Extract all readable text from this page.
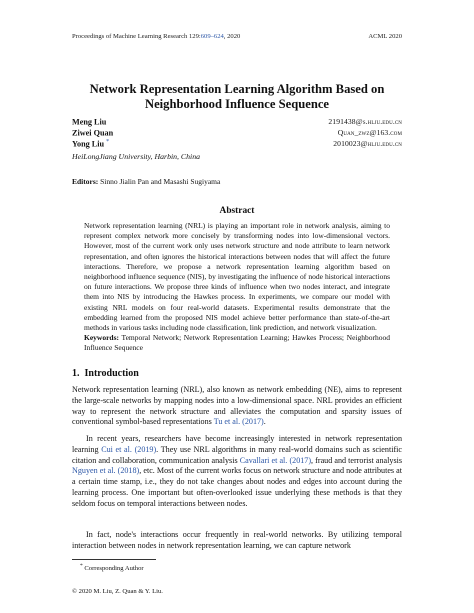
Proceedings of Machine Learning Research 129:609–624, 2020	ACML 2020
Network Representation Learning Algorithm Based on
Neighborhood Influence Sequence
Meng Liu	2191438@s.hlju.edu.cn
Ziwei Quan	Quan_zwz@163.com
Yong Liu *	2010023@hlju.edu.cn
HeiLongJiang University, Harbin, China
Editors: Sinno Jialin Pan and Masashi Sugiyama
Abstract
Network representation learning (NRL) is playing an important role in network analysis, aiming to represent complex network more concisely by transforming nodes into low-dimensional vectors. However, most of the current work only uses network structure and node attribute to learn network representation, and often ignores the historical interactions between nodes that will affect the future interactions. Therefore, we propose a network representation learning algorithm based on neighborhood influence sequence (NIS), by investigating the influence of node historical interactions on future interactions. We propose three kinds of influence when two nodes interact, and integrate them into NIS by introducing the Hawkes process. In experiments, we compare our model with existing NRL models on four real-world datasets. Experimental results demonstrate that the embedding learned from the proposed NIS model achieve better performance than state-of-the-art methods in various tasks including node classification, link prediction, and network visualization.
Keywords: Temporal Network; Network Representation Learning; Hawkes Process; Neighborhood Influence Sequence
1. Introduction
Network representation learning (NRL), also known as network embedding (NE), aims to represent the large-scale networks by mapping nodes into a low-dimensional space. NRL provides an efficient way to represent the network structure and alleviates the computation and sparsity issues of conventional symbol-based representations Tu et al. (2017).
In recent years, researchers have become increasingly interested in network representation learning Cui et al. (2019). They use NRL algorithms in many real-world domains such as scientific citation and collaboration, communication analysis Cavallari et al. (2017), fraud and terrorist analysis Nguyen et al. (2018), etc. Most of the current works focus on network structure and node attributes at a certain time stamp, i.e., they do not take changes about nodes and edges into account during the learning process. One important but often-overlooked issue underlying these methods is that they seldom focus on temporal interactions between nodes.
In fact, node's interactions occur frequently in real-world networks. By utilizing temporal interaction between nodes in network representation learning, we can capture network
* Corresponding Author
© 2020 M. Liu, Z. Quan & Y. Liu.
